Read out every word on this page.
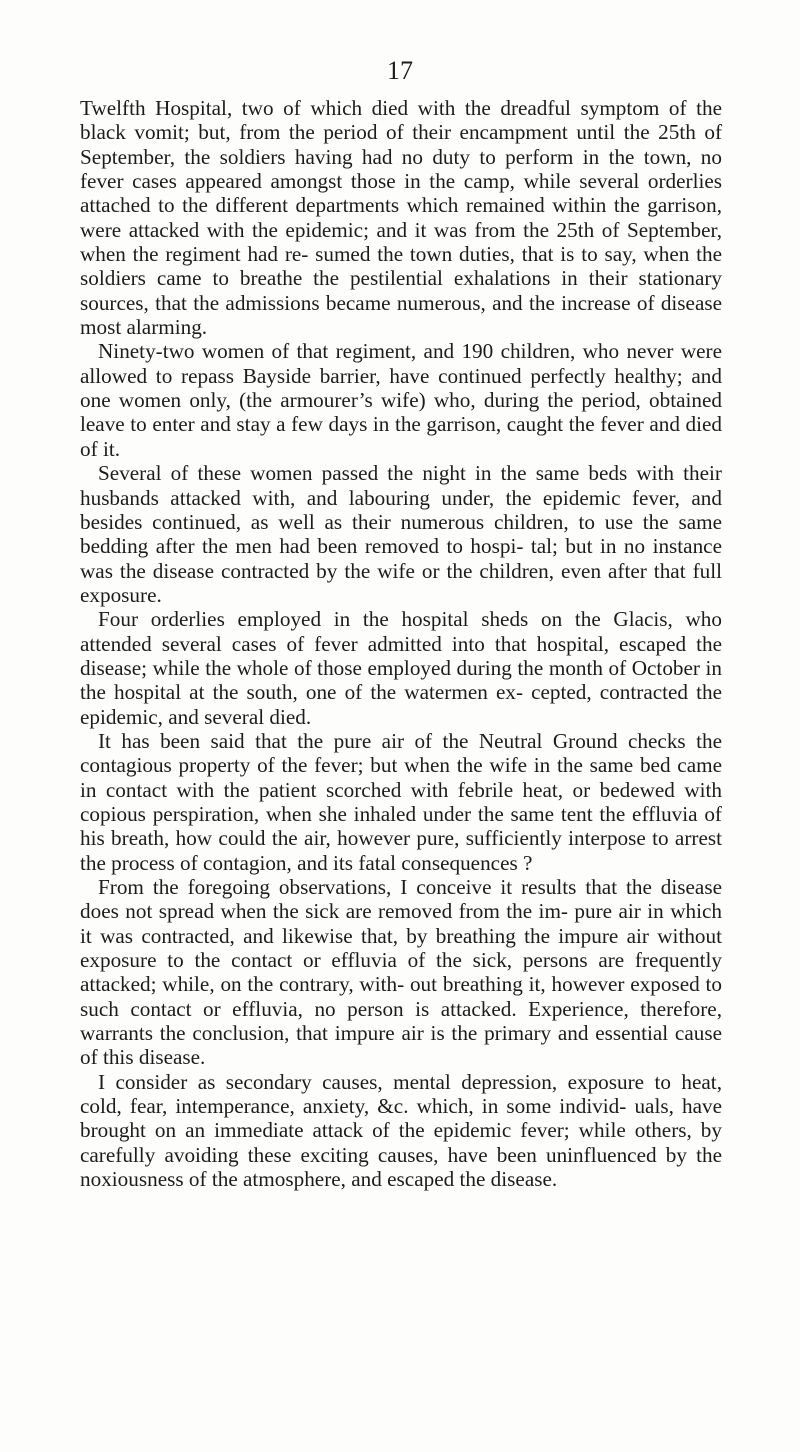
17

Twelfth Hospital, two of which died with the dreadful symptom of the black vomit; but, from the period of their encampment until the 25th of September, the soldiers having had no duty to perform in the town, no fever cases appeared amongst those in the camp, while several orderlies attached to the different departments which remained within the garrison, were attacked with the epidemic; and it was from the 25th of September, when the regiment had re- sumed the town duties, that is to say, when the soldiers came to breathe the pestilential exhalations in their stationary sources, that the admissions became numerous, and the increase of disease most alarming.

Ninety-two women of that regiment, and 190 children, who never were allowed to repass Bayside barrier, have continued perfectly healthy; and one women only, (the armourer’s wife) who, during the period, obtained leave to enter and stay a few days in the garrison, caught the fever and died of it.

Several of these women passed the night in the same beds with their husbands attacked with, and labouring under, the epidemic fever, and besides continued, as well as their numerous children, to use the same bedding after the men had been removed to hospi- tal; but in no instance was the disease contracted by the wife or the children, even after that full exposure.

Four orderlies employed in the hospital sheds on the Glacis, who attended several cases of fever admitted into that hospital, escaped the disease; while the whole of those employed during the month of October in the hospital at the south, one of the watermen ex- cepted, contracted the epidemic, and several died.

It has been said that the pure air of the Neutral Ground checks the contagious property of the fever; but when the wife in the same bed came in contact with the patient scorched with febrile heat, or bedewed with copious perspiration, when she inhaled under the same tent the effluvia of his breath, how could the air, however pure, sufficiently interpose to arrest the process of contagion, and its fatal consequences ?

From the foregoing observations, I conceive it results that the disease does not spread when the sick are removed from the im- pure air in which it was contracted, and likewise that, by breathing the impure air without exposure to the contact or effluvia of the sick, persons are frequently attacked; while, on the contrary, with- out breathing it, however exposed to such contact or effluvia, no person is attacked. Experience, therefore, warrants the conclusion, that impure air is the primary and essential cause of this disease.

I consider as secondary causes, mental depression, exposure to heat, cold, fear, intemperance, anxiety, &c. which, in some individ- uals, have brought on an immediate attack of the epidemic fever; while others, by carefully avoiding these exciting causes, have been uninfluenced by the noxiousness of the atmosphere, and escaped the disease.
